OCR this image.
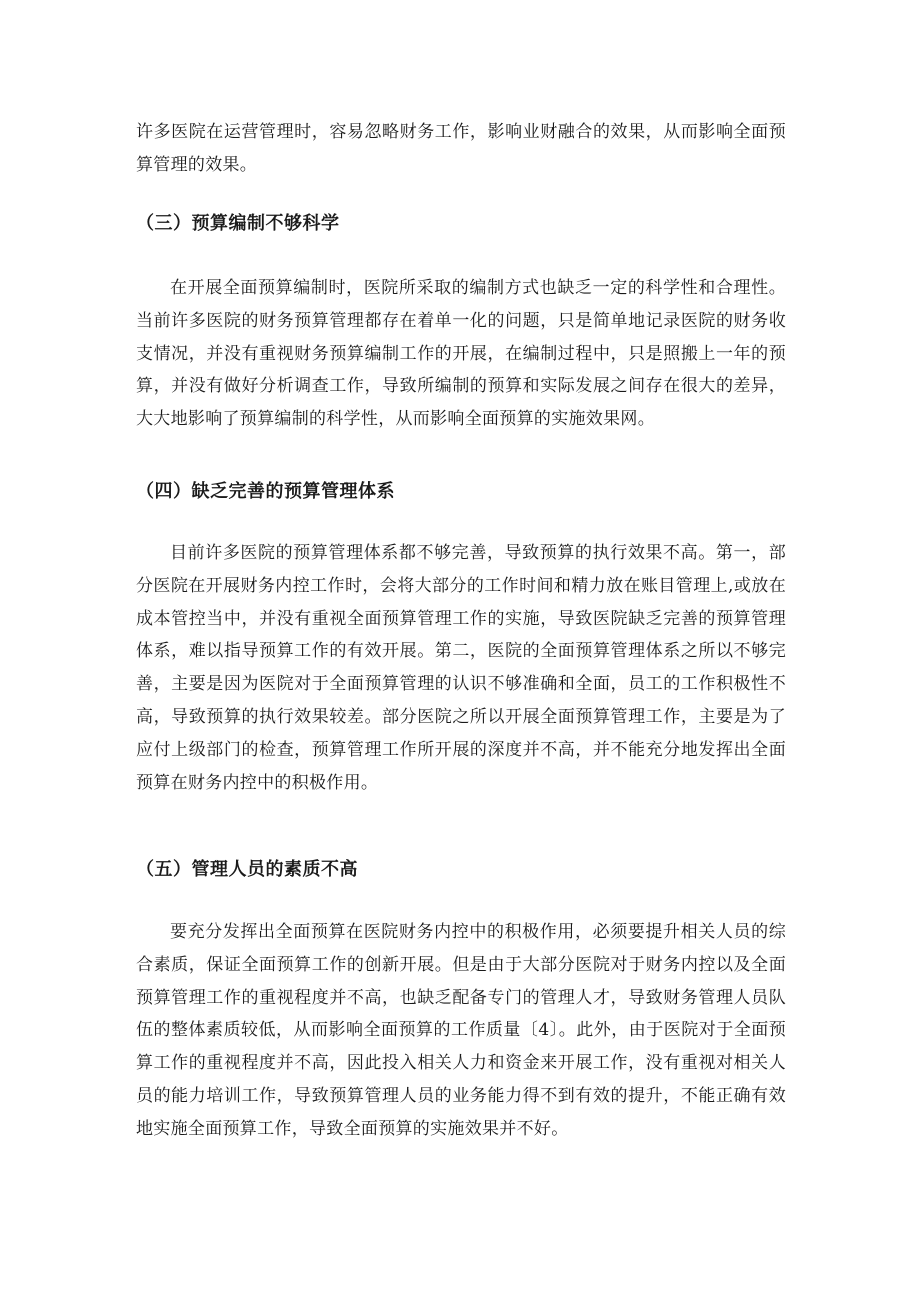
许多医院在运营管理时，容易忽略财务工作，影响业财融合的效果，从而影响全面预算管理的效果。

（三）预算编制不够科学

在开展全面预算编制时，医院所采取的编制方式也缺乏一定的科学性和合理性。当前许多医院的财务预算管理都存在着单一化的问题，只是简单地记录医院的财务收支情况，并没有重视财务预算编制工作的开展，在编制过程中，只是照搬上一年的预算，并没有做好分析调查工作，导致所编制的预算和实际发展之间存在很大的差异，大大地影响了预算编制的科学性，从而影响全面预算的实施效果网。

（四）缺乏完善的预算管理体系

目前许多医院的预算管理体系都不够完善，导致预算的执行效果不高。第一，部分医院在开展财务内控工作时，会将大部分的工作时间和精力放在账目管理上,或放在成本管控当中，并没有重视全面预算管理工作的实施，导致医院缺乏完善的预算管理体系，难以指导预算工作的有效开展。第二，医院的全面预算管理体系之所以不够完善，主要是因为医院对于全面预算管理的认识不够准确和全面，员工的工作积极性不高，导致预算的执行效果较差。部分医院之所以开展全面预算管理工作，主要是为了应付上级部门的检查，预算管理工作所开展的深度并不高，并不能充分地发挥出全面预算在财务内控中的积极作用。

（五）管理人员的素质不高

要充分发挥出全面预算在医院财务内控中的积极作用，必须要提升相关人员的综合素质，保证全面预算工作的创新开展。但是由于大部分医院对于财务内控以及全面预算管理工作的重视程度并不高，也缺乏配备专门的管理人才，导致财务管理人员队伍的整体素质较低，从而影响全面预算的工作质量〔4〕。此外，由于医院对于全面预算工作的重视程度并不高，因此投入相关人力和资金来开展工作，没有重视对相关人员的能力培训工作，导致预算管理人员的业务能力得不到有效的提升，不能正确有效地实施全面预算工作，导致全面预算的实施效果并不好。
